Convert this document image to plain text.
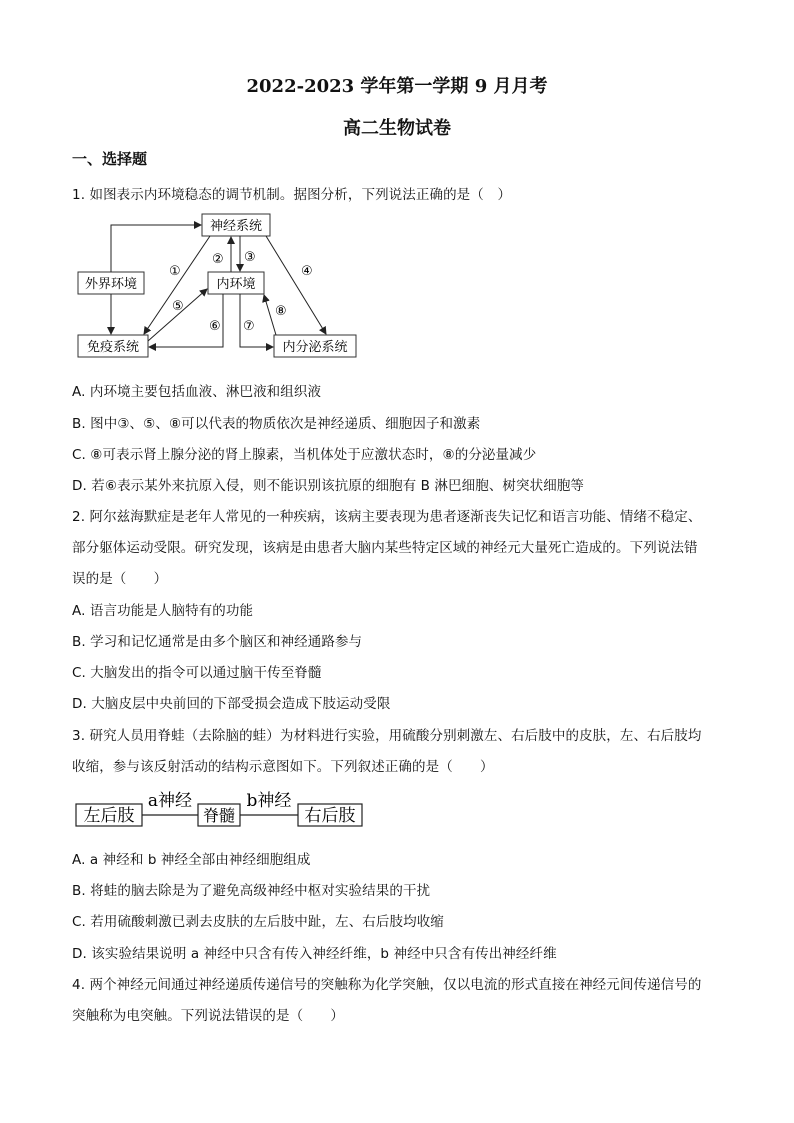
2022-2023 学年第一学期 9 月月考
高二生物试卷
一、选择题
1. 如图表示内环境稳态的调节机制。据图分析，下列说法正确的是（　）
神经系统
外界环境	内环境
免疫系统	内分泌系统
①
② ③
④
⑤
⑥ ⑦
⑧
A. 内环境主要包括血液、淋巴液和组织液
B. 图中③、⑤、⑧可以代表的物质依次是神经递质、细胞因子和激素
C. ⑧可表示肾上腺分泌的肾上腺素，当机体处于应激状态时，⑧的分泌量减少
D. 若⑥表示某外来抗原入侵，则不能识别该抗原的细胞有 B 淋巴细胞、树突状细胞等
2. 阿尔兹海默症是老年人常见的一种疾病，该病主要表现为患者逐渐丧失记忆和语言功能、情绪不稳定、
部分躯体运动受限。研究发现，该病是由患者大脑内某些特定区域的神经元大量死亡造成的。下列说法错
误的是（　　）
A. 语言功能是人脑特有的功能
B. 学习和记忆通常是由多个脑区和神经通路参与
C. 大脑发出的指令可以通过脑干传至脊髓
D. 大脑皮层中央前回的下部受损会造成下肢运动受限
3. 研究人员用脊蛙（去除脑的蛙）为材料进行实验，用硫酸分别刺激左、右后肢中的皮肤，左、右后肢均
收缩，参与该反射活动的结构示意图如下。下列叙述正确的是（　　）
左后肢
a神经
脊髓
b神经
右后肢
A. a 神经和 b 神经全部由神经细胞组成
B. 将蛙的脑去除是为了避免高级神经中枢对实验结果的干扰
C. 若用硫酸刺激已剥去皮肤的左后肢中趾，左、右后肢均收缩
D. 该实验结果说明 a 神经中只含有传入神经纤维，b 神经中只含有传出神经纤维
4. 两个神经元间通过神经递质传递信号的突触称为化学突触，仅以电流的形式直接在神经元间传递信号的
突触称为电突触。下列说法错误的是（　　）
